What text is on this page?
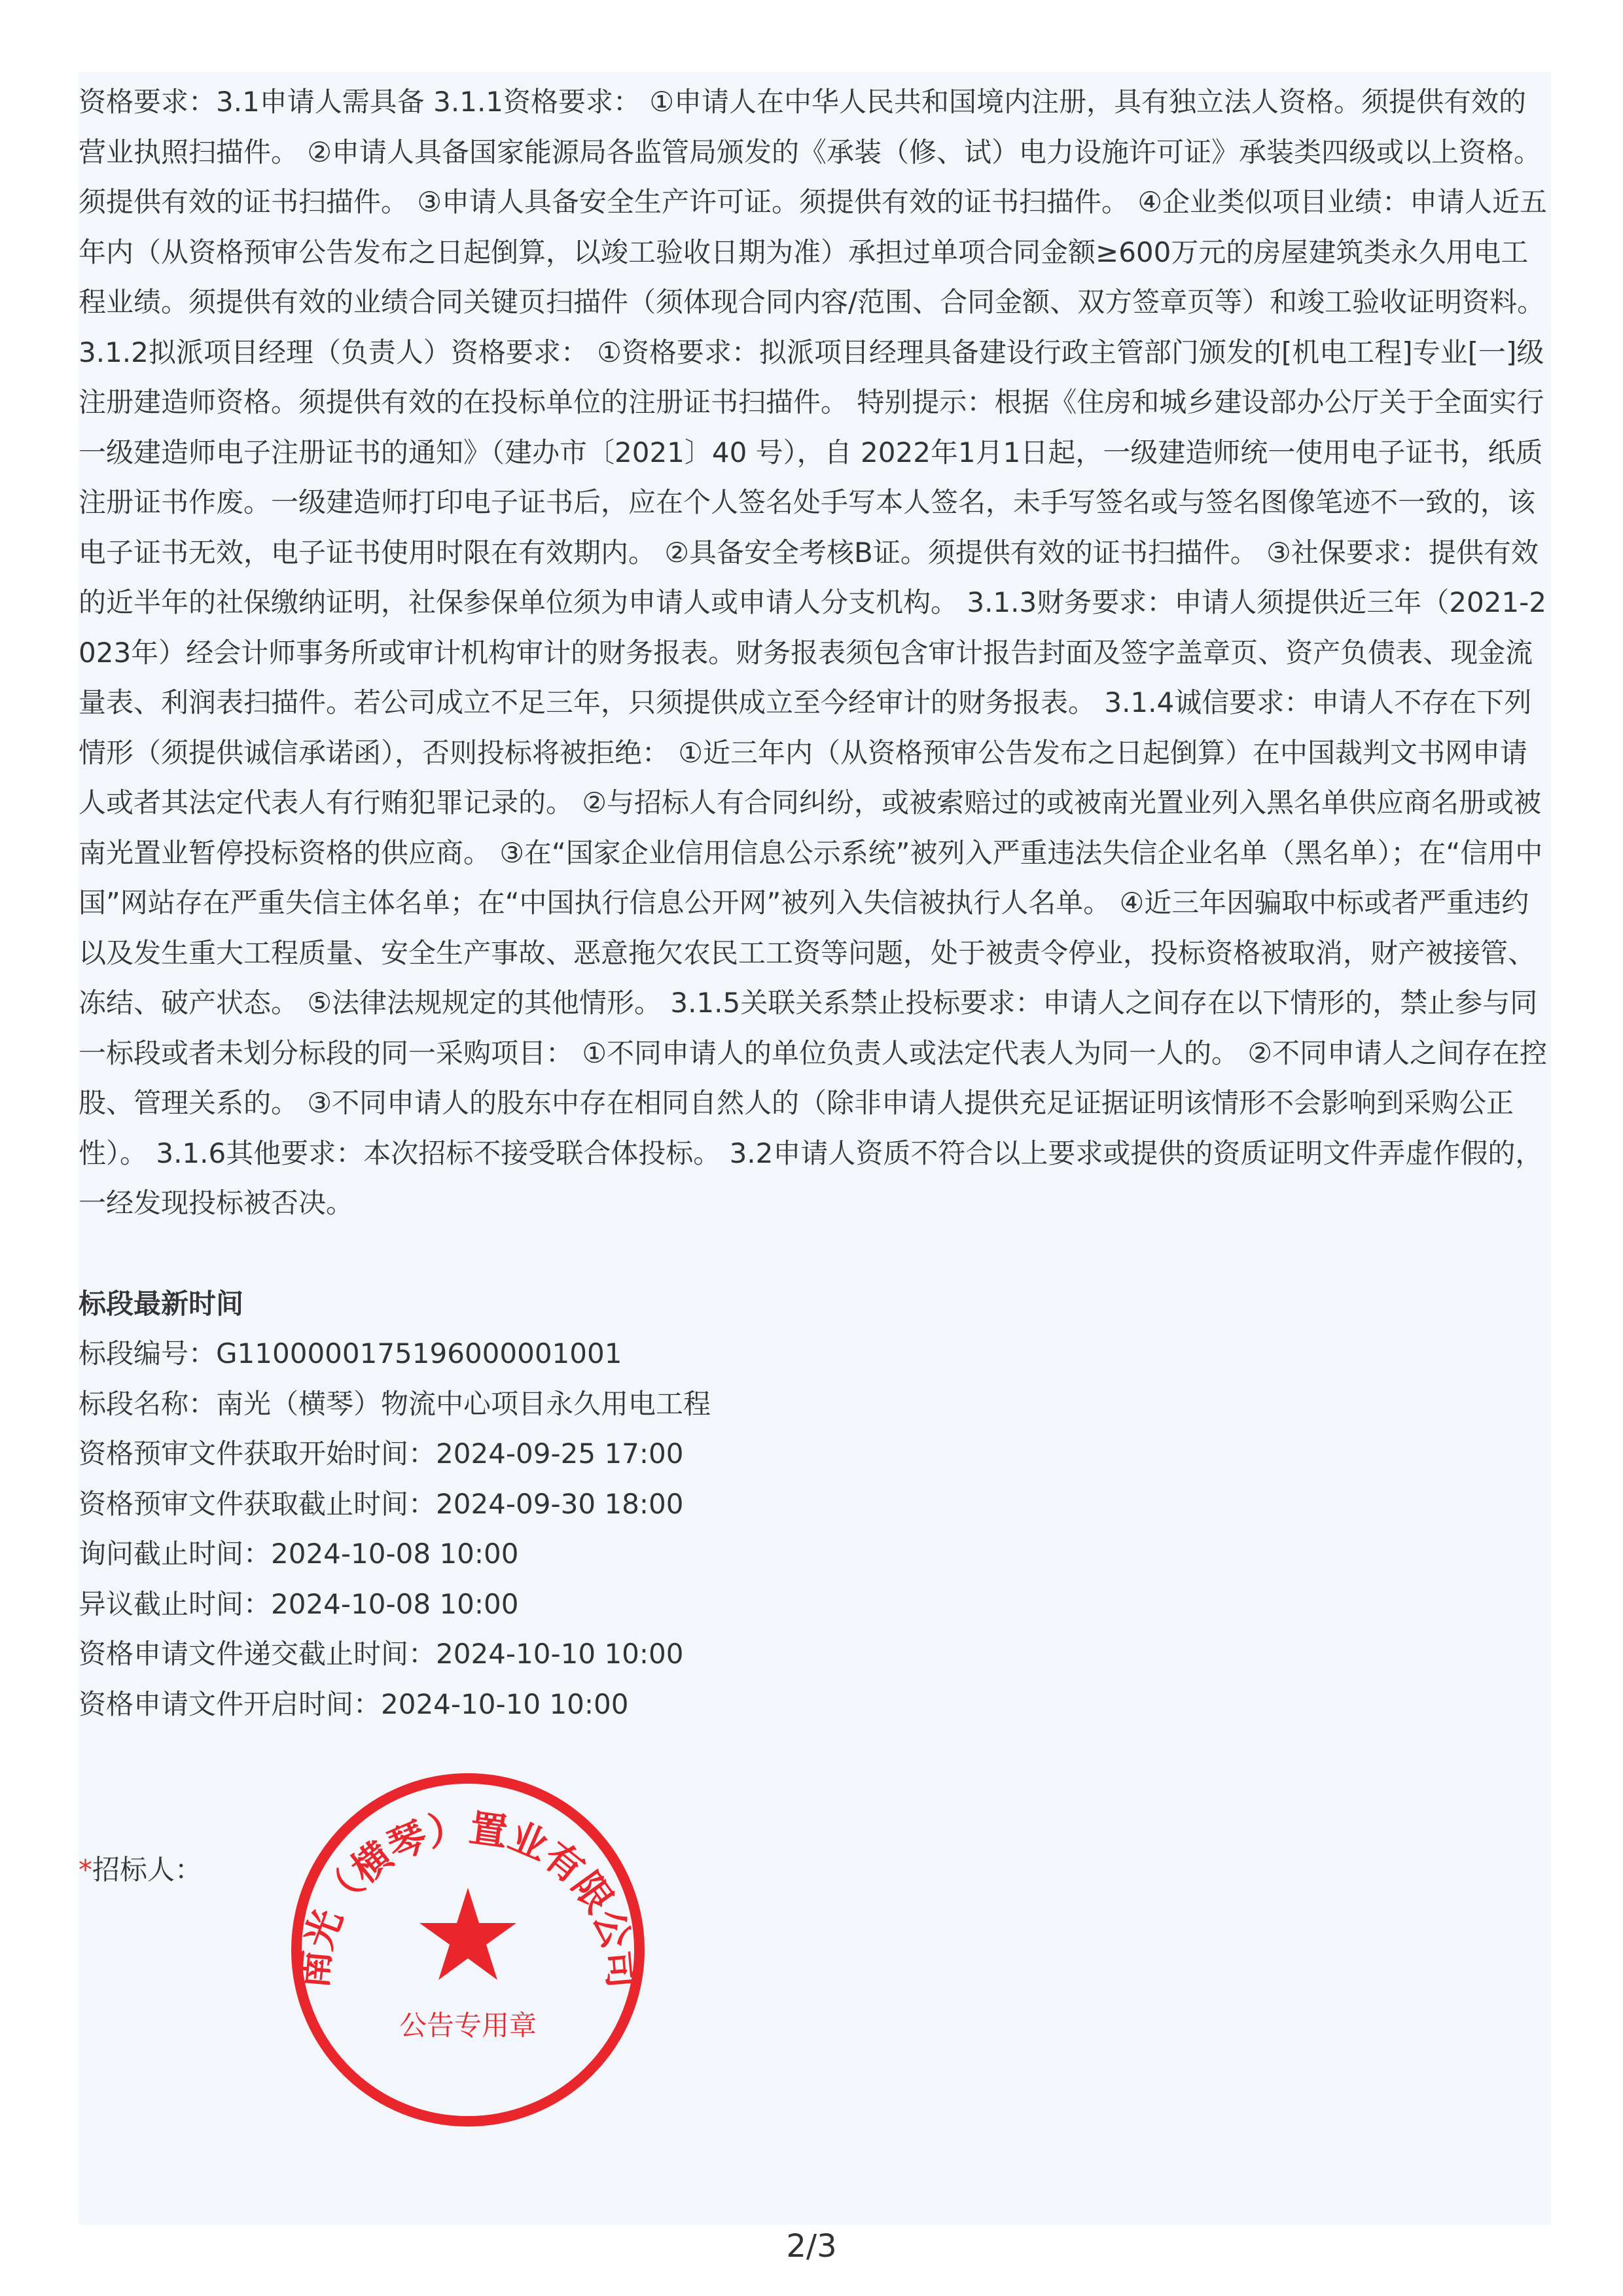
资格要求：3.1申请人需具备 3.1.1资格要求： ①申请人在中华人民共和国境内注册，具有独立法人资格。须提供有效的营业执照扫描件。 ②申请人具备国家能源局各监管局颁发的《承装（修、试）电力设施许可证》承装类四级或以上资格。须提供有效的证书扫描件。 ③申请人具备安全生产许可证。须提供有效的证书扫描件。 ④企业类似项目业绩：申请人近五年内（从资格预审公告发布之日起倒算，以竣工验收日期为准）承担过单项合同金额≥600万元的房屋建筑类永久用电工程业绩。须提供有效的业绩合同关键页扫描件（须体现合同内容/范围、合同金额、双方签章页等）和竣工验收证明资料。 3.1.2拟派项目经理（负责人）资格要求： ①资格要求：拟派项目经理具备建设行政主管部门颁发的[机电工程]专业[一]级注册建造师资格。须提供有效的在投标单位的注册证书扫描件。 特别提示：根据《住房和城乡建设部办公厅关于全面实行一级建造师电子注册证书的通知》（建办市〔2021〕40 号），自 2022年1月1日起，一级建造师统一使用电子证书，纸质注册证书作废。一级建造师打印电子证书后，应在个人签名处手写本人签名，未手写签名或与签名图像笔迹不一致的，该电子证书无效，电子证书使用时限在有效期内。 ②具备安全考核B证。须提供有效的证书扫描件。 ③社保要求：提供有效的近半年的社保缴纳证明，社保参保单位须为申请人或申请人分支机构。 3.1.3财务要求：申请人须提供近三年（2021-2023年）经会计师事务所或审计机构审计的财务报表。财务报表须包含审计报告封面及签字盖章页、资产负债表、现金流量表、利润表扫描件。若公司成立不足三年，只须提供成立至今经审计的财务报表。 3.1.4诚信要求：申请人不存在下列情形（须提供诚信承诺函），否则投标将被拒绝： ①近三年内（从资格预审公告发布之日起倒算）在中国裁判文书网申请人或者其法定代表人有行贿犯罪记录的。 ②与招标人有合同纠纷，或被索赔过的或被南光置业列入黑名单供应商名册或被南光置业暂停投标资格的供应商。 ③在“国家企业信用信息公示系统”被列入严重违法失信企业名单（黑名单）；在“信用中国”网站存在严重失信主体名单；在“中国执行信息公开网”被列入失信被执行人名单。 ④近三年因骗取中标或者严重违约以及发生重大工程质量、安全生产事故、恶意拖欠农民工工资等问题，处于被责令停业，投标资格被取消，财产被接管、冻结、破产状态。 ⑤法律法规规定的其他情形。 3.1.5关联关系禁止投标要求：申请人之间存在以下情形的，禁止参与同一标段或者未划分标段的同一采购项目： ①不同申请人的单位负责人或法定代表人为同一人的。 ②不同申请人之间存在控股、管理关系的。 ③不同申请人的股东中存在相同自然人的（除非申请人提供充足证据证明该情形不会影响到采购公正性）。 3.1.6其他要求：本次招标不接受联合体投标。 3.2申请人资质不符合以上要求或提供的资质证明文件弄虚作假的，一经发现投标被否决。

标段最新时间
标段编号：G1100000175196000001001
标段名称：南光（横琴）物流中心项目永久用电工程
资格预审文件获取开始时间：2024-09-25 17:00
资格预审文件获取截止时间：2024-09-30 18:00
询问截止时间：2024-10-08 10:00
异议截止时间：2024-10-08 10:00
资格申请文件递交截止时间：2024-10-10 10:00
资格申请文件开启时间：2024-10-10 10:00
*招标人：
南光（横琴）置业有限公司
公告专用章
2/3
